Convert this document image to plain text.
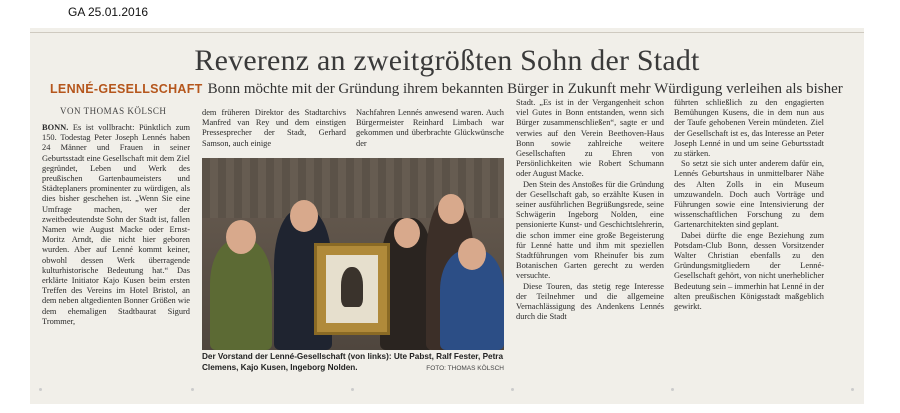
GA 25.01.2016
Reverenz an zweitgrößten Sohn der Stadt
LENNÉ-GESELLSCHAFT Bonn möchte mit der Gründung ihrem bekannten Bürger in Zukunft mehr Würdigung verleihen als bisher
VON THOMAS KÖLSCH

BONN. Es ist vollbracht: Pünktlich zum 150. Todestag Peter Joseph Lennés haben 24 Männer und Frauen in seiner Geburtsstadt eine Gesellschaft mit dem Ziel gegründet, Leben und Werk des preußischen Gartenbaumeisters und Städteplaners prominenter zu würdigen, als dies bisher geschehen ist. „Wenn Sie eine Umfrage machen, wer der zweitbedeutendste Sohn der Stadt ist, fallen Namen wie August Macke oder Ernst-Moritz Arndt, die nicht hier geboren wurden. Aber auf Lenné kommt keiner, obwohl dessen Werk überragende kulturhistorische Bedeutung hat.“ Das erklärte Initiator Kajo Kusen beim ersten Treffen des Vereins im Hotel Bristol, an dem neben altgedienten Bonner Größen wie dem ehemaligen Stadtbaurat Sigurd Trommer,

dem früheren Direktor des Stadtarchivs Manfred van Rey und dem einstigen Pressesprecher der Stadt, Gerhard Samson, auch einige

Nachfahren Lennés anwesend waren. Auch Bürgermeister Reinhard Limbach war gekommen und überbrachte Glückwünsche der

Der Vorstand der Lenné-Gesellschaft (von links): Ute Pabst, Ralf Fester, Petra Clemens, Kajo Kusen, Ingeborg Nolden.	FOTO: THOMAS KÖLSCH

Stadt. „Es ist in der Vergangenheit schon viel Gutes in Bonn entstanden, wenn sich Bürger zusammenschließen“, sagte er und verwies auf den Verein Beethoven-Haus Bonn sowie zahlreiche weitere Gesellschaften zu Ehren von Persönlichkeiten wie Robert Schumann oder August Macke.

Den Stein des Anstoßes für die Gründung der Gesellschaft gab, so erzählte Kusen in seiner ausführlichen Begrüßungsrede, seine Schwägerin Ingeborg Nolden, eine pensionierte Kunst- und Geschichtslehrerin, die schon immer eine große Begeisterung für Lenné hatte und ihm mit speziellen Stadtführungen vom Rheinufer bis zum Botanischen Garten gerecht zu werden versuchte.

Diese Touren, das stetig rege Interesse der Teilnehmer und die allgemeine Vernachlässigung des Andenkens Lennés durch die Stadt

führten schließlich zu den engagierten Bemühungen Kusens, die in dem nun aus der Taufe gehobenen Verein mündeten. Ziel der Gesellschaft ist es, das Interesse an Peter Joseph Lenné in und um seine Geburtsstadt zu stärken.

So setzt sie sich unter anderem dafür ein, Lennés Geburtshaus in unmittelbarer Nähe des Alten Zolls in ein Museum umzuwandeln. Doch auch Vorträge und Führungen sowie eine Intensivierung der wissenschaftlichen Forschung zu dem Gartenarchitekten sind geplant.

Dabei dürfte die enge Beziehung zum Potsdam-Club Bonn, dessen Vorsitzender Walter Christian ebenfalls zu den Gründungsmitgliedern der Lenné-Gesellschaft gehört, von nicht unerheblicher Bedeutung sein – immerhin hat Lenné in der alten preußischen Königsstadt maßgeblich gewirkt.
